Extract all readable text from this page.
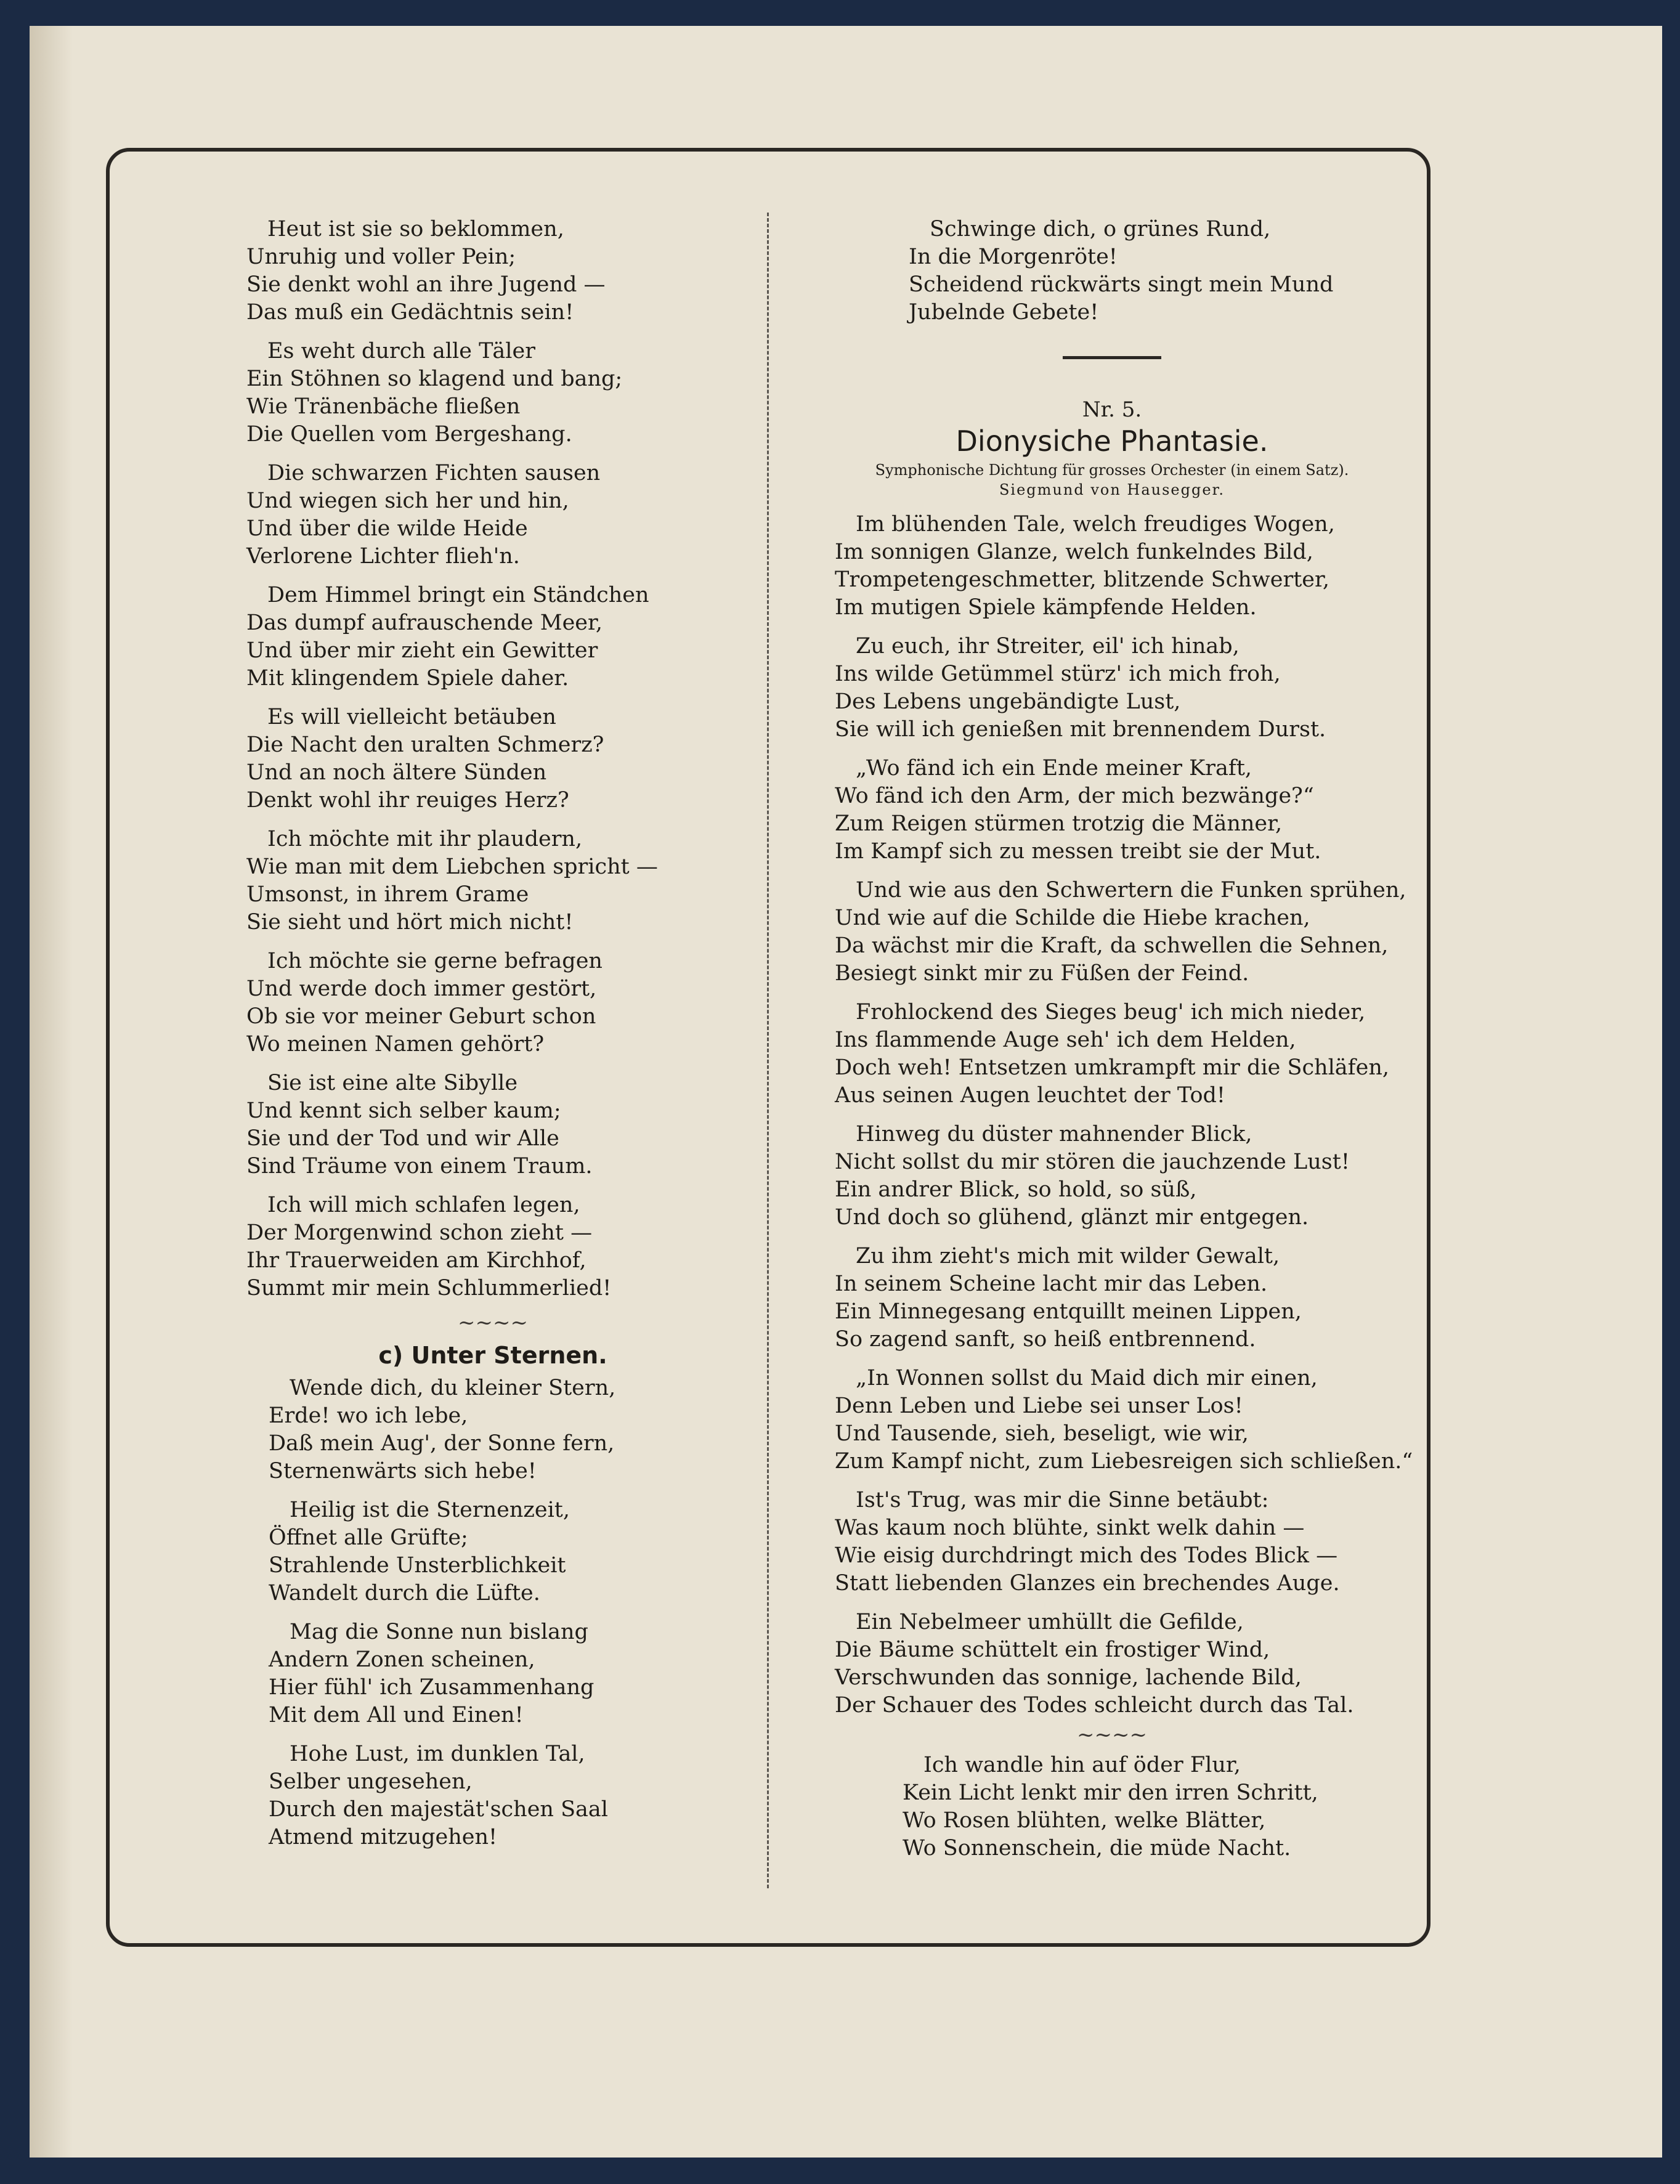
Heut ist sie so beklommen,
Unruhig und voller Pein;
Sie denkt wohl an ihre Jugend —
Das muß ein Gedächtnis sein!
Es weht durch alle Täler
Ein Stöhnen so klagend und bang;
Wie Tränenbäche fließen
Die Quellen vom Bergeshang.
Die schwarzen Fichten sausen
Und wiegen sich her und hin,
Und über die wilde Heide
Verlorene Lichter flieh'n.
Dem Himmel bringt ein Ständchen
Das dumpf aufrauschende Meer,
Und über mir zieht ein Gewitter
Mit klingendem Spiele daher.
Es will vielleicht betäuben
Die Nacht den uralten Schmerz?
Und an noch ältere Sünden
Denkt wohl ihr reuiges Herz?
Ich möchte mit ihr plaudern,
Wie man mit dem Liebchen spricht —
Umsonst, in ihrem Grame
Sie sieht und hört mich nicht!
Ich möchte sie gerne befragen
Und werde doch immer gestört,
Ob sie vor meiner Geburt schon
Wo meinen Namen gehört?
Sie ist eine alte Sibylle
Und kennt sich selber kaum;
Sie und der Tod und wir Alle
Sind Träume von einem Traum.
Ich will mich schlafen legen,
Der Morgenwind schon zieht —
Ihr Trauerweiden am Kirchhof,
Summt mir mein Schlummerlied!
~~~~
c) Unter Sternen.
Wende dich, du kleiner Stern,
Erde! wo ich lebe,
Daß mein Aug', der Sonne fern,
Sternenwärts sich hebe!
Heilig ist die Sternenzeit,
Öffnet alle Grüfte;
Strahlende Unsterblichkeit
Wandelt durch die Lüfte.
Mag die Sonne nun bislang
Andern Zonen scheinen,
Hier fühl' ich Zusammenhang
Mit dem All und Einen!
Hohe Lust, im dunklen Tal,
Selber ungesehen,
Durch den majestät'schen Saal
Atmend mitzugehen!
Schwinge dich, o grünes Rund,
In die Morgenröte!
Scheidend rückwärts singt mein Mund
Jubelnde Gebete!
Nr. 5.
Dionysiche Phantasie.
Symphonische Dichtung für grosses Orchester (in einem Satz).
Siegmund von Hausegger.
Im blühenden Tale, welch freudiges Wogen,
Im sonnigen Glanze, welch funkelndes Bild,
Trompetengeschmetter, blitzende Schwerter,
Im mutigen Spiele kämpfende Helden.
Zu euch, ihr Streiter, eil' ich hinab,
Ins wilde Getümmel stürz' ich mich froh,
Des Lebens ungebändigte Lust,
Sie will ich genießen mit brennendem Durst.
„Wo fänd ich ein Ende meiner Kraft,
Wo fänd ich den Arm, der mich bezwänge?“
Zum Reigen stürmen trotzig die Männer,
Im Kampf sich zu messen treibt sie der Mut.
Und wie aus den Schwertern die Funken sprühen,
Und wie auf die Schilde die Hiebe krachen,
Da wächst mir die Kraft, da schwellen die Sehnen,
Besiegt sinkt mir zu Füßen der Feind.
Frohlockend des Sieges beug' ich mich nieder,
Ins flammende Auge seh' ich dem Helden,
Doch weh! Entsetzen umkrampft mir die Schläfen,
Aus seinen Augen leuchtet der Tod!
Hinweg du düster mahnender Blick,
Nicht sollst du mir stören die jauchzende Lust!
Ein andrer Blick, so hold, so süß,
Und doch so glühend, glänzt mir entgegen.
Zu ihm zieht's mich mit wilder Gewalt,
In seinem Scheine lacht mir das Leben.
Ein Minnegesang entquillt meinen Lippen,
So zagend sanft, so heiß entbrennend.
„In Wonnen sollst du Maid dich mir einen,
Denn Leben und Liebe sei unser Los!
Und Tausende, sieh, beseligt, wie wir,
Zum Kampf nicht, zum Liebesreigen sich schließen.“
Ist's Trug, was mir die Sinne betäubt:
Was kaum noch blühte, sinkt welk dahin —
Wie eisig durchdringt mich des Todes Blick —
Statt liebenden Glanzes ein brechendes Auge.
Ein Nebelmeer umhüllt die Gefilde,
Die Bäume schüttelt ein frostiger Wind,
Verschwunden das sonnige, lachende Bild,
Der Schauer des Todes schleicht durch das Tal.
~~~~
Ich wandle hin auf öder Flur,
Kein Licht lenkt mir den irren Schritt,
Wo Rosen blühten, welke Blätter,
Wo Sonnenschein, die müde Nacht.
